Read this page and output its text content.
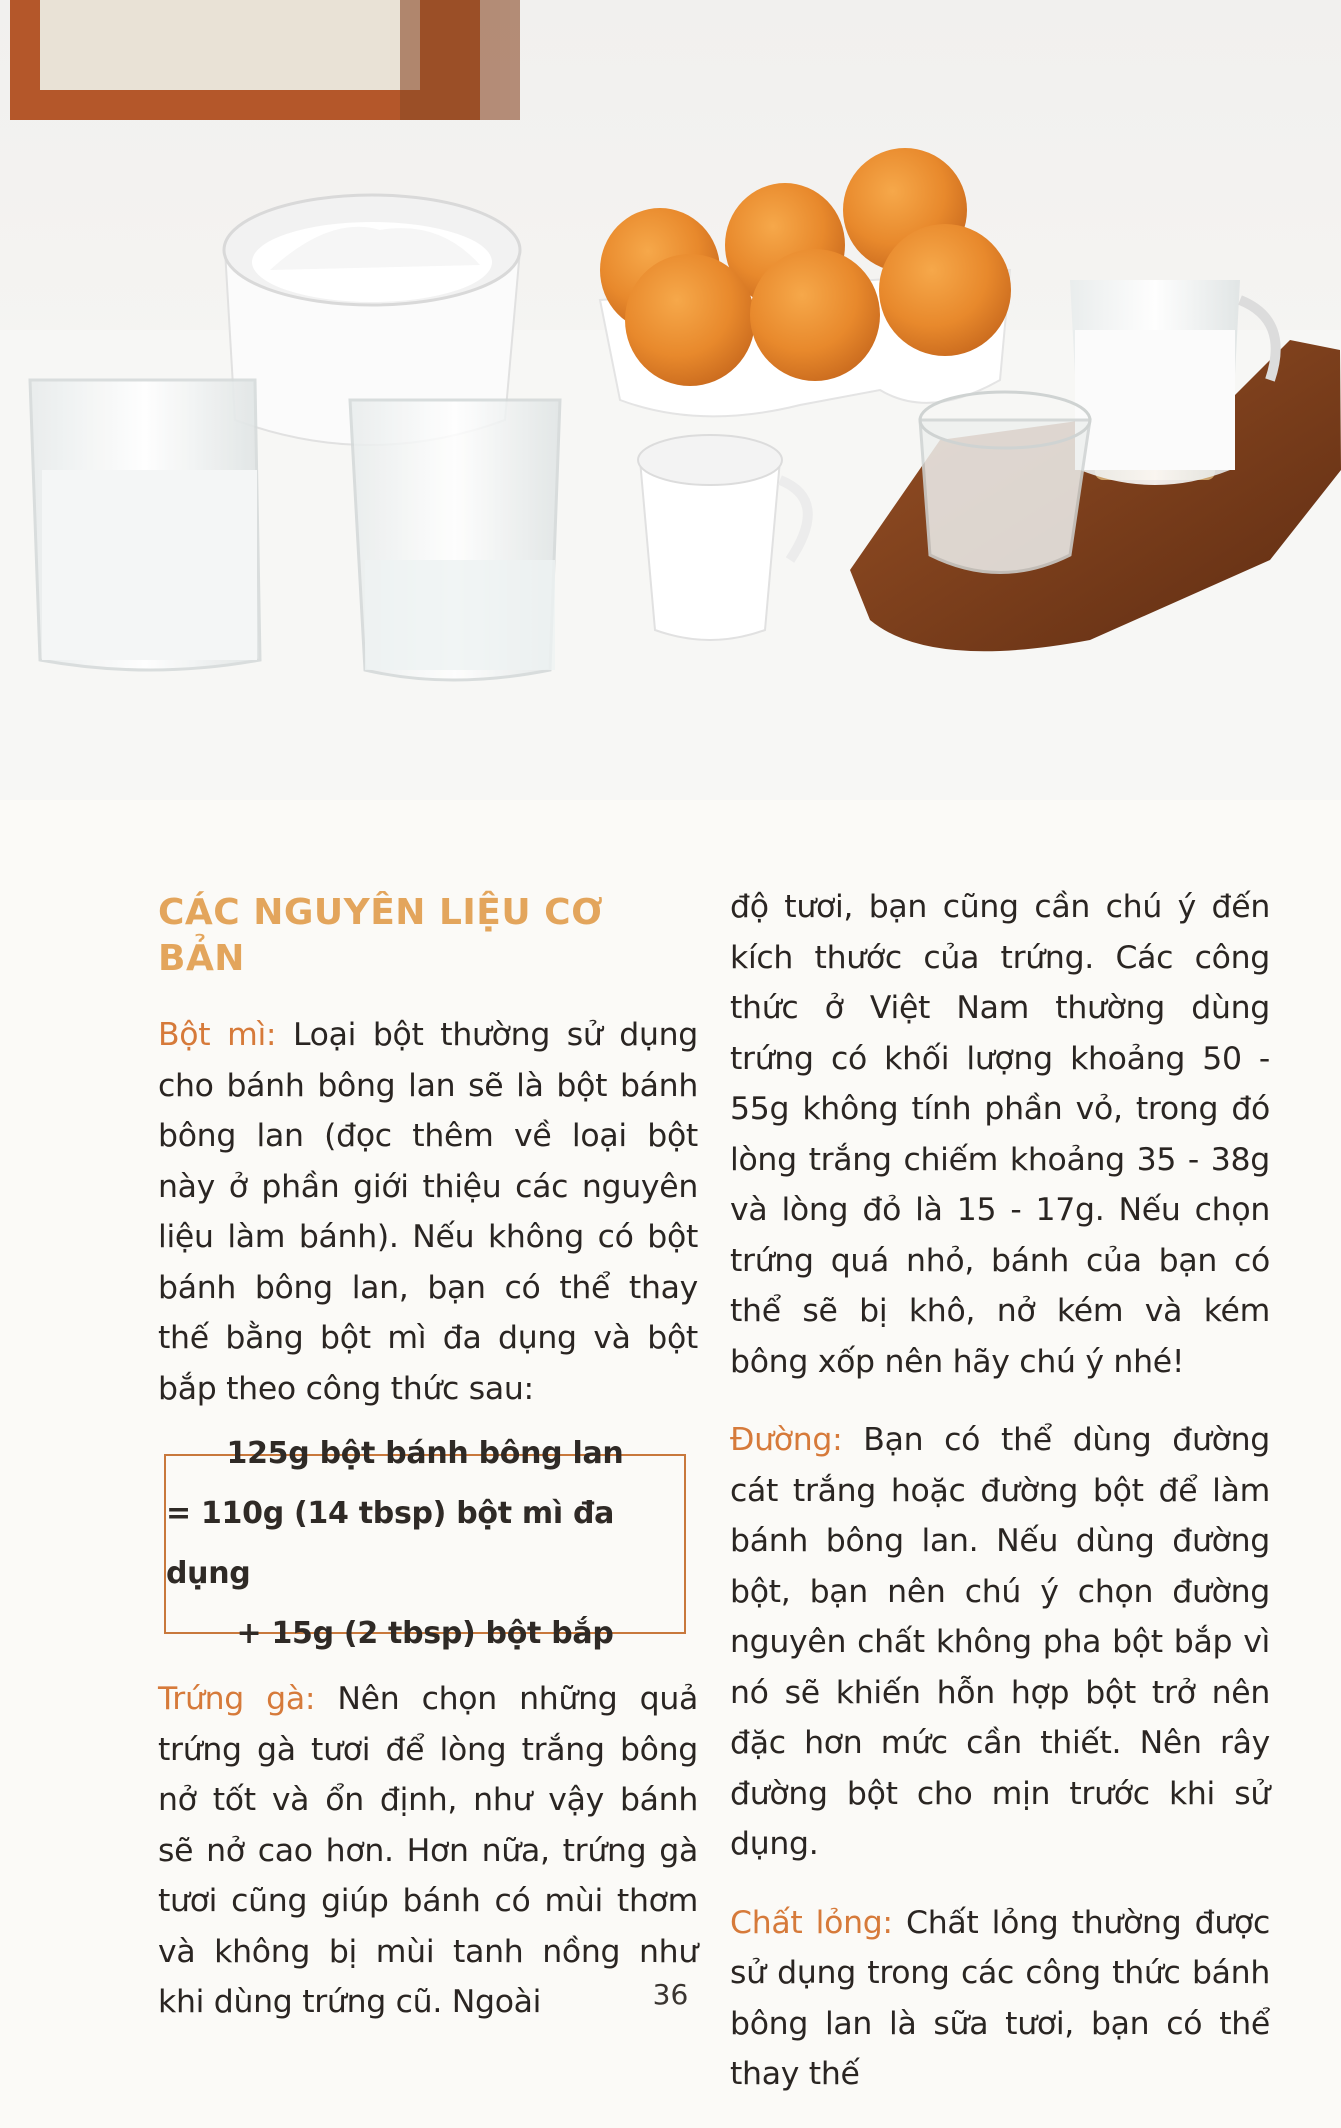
CÁC NGUYÊN LIỆU CƠ BẢN

Bột mì: Loại bột thường sử dụng cho bánh bông lan sẽ là bột bánh bông lan (đọc thêm về loại bột này ở phần giới thiệu các nguyên liệu làm bánh). Nếu không có bột bánh bông lan, bạn có thể thay thế bằng bột mì đa dụng và bột bắp theo công thức sau:

125g bột bánh bông lan
= 110g (14 tbsp) bột mì đa dụng
+ 15g (2 tbsp) bột bắp

Trứng gà: Nên chọn những quả trứng gà tươi để lòng trắng bông nở tốt và ổn định, như vậy bánh sẽ nở cao hơn. Hơn nữa, trứng gà tươi cũng giúp bánh có mùi thơm và không bị mùi tanh nồng như khi dùng trứng cũ. Ngoài

độ tươi, bạn cũng cần chú ý đến kích thước của trứng. Các công thức ở Việt Nam thường dùng trứng có khối lượng khoảng 50 - 55g không tính phần vỏ, trong đó lòng trắng chiếm khoảng 35 - 38g và lòng đỏ là 15 - 17g. Nếu chọn trứng quá nhỏ, bánh của bạn có thể sẽ bị khô, nở kém và kém bông xốp nên hãy chú ý nhé!

Đường: Bạn có thể dùng đường cát trắng hoặc đường bột để làm bánh bông lan. Nếu dùng đường bột, bạn nên chú ý chọn đường nguyên chất không pha bột bắp vì nó sẽ khiến hỗn hợp bột trở nên đặc hơn mức cần thiết. Nên rây đường bột cho mịn trước khi sử dụng.

Chất lỏng: Chất lỏng thường được sử dụng trong các công thức bánh bông lan là sữa tươi, bạn có thể thay thế

36
